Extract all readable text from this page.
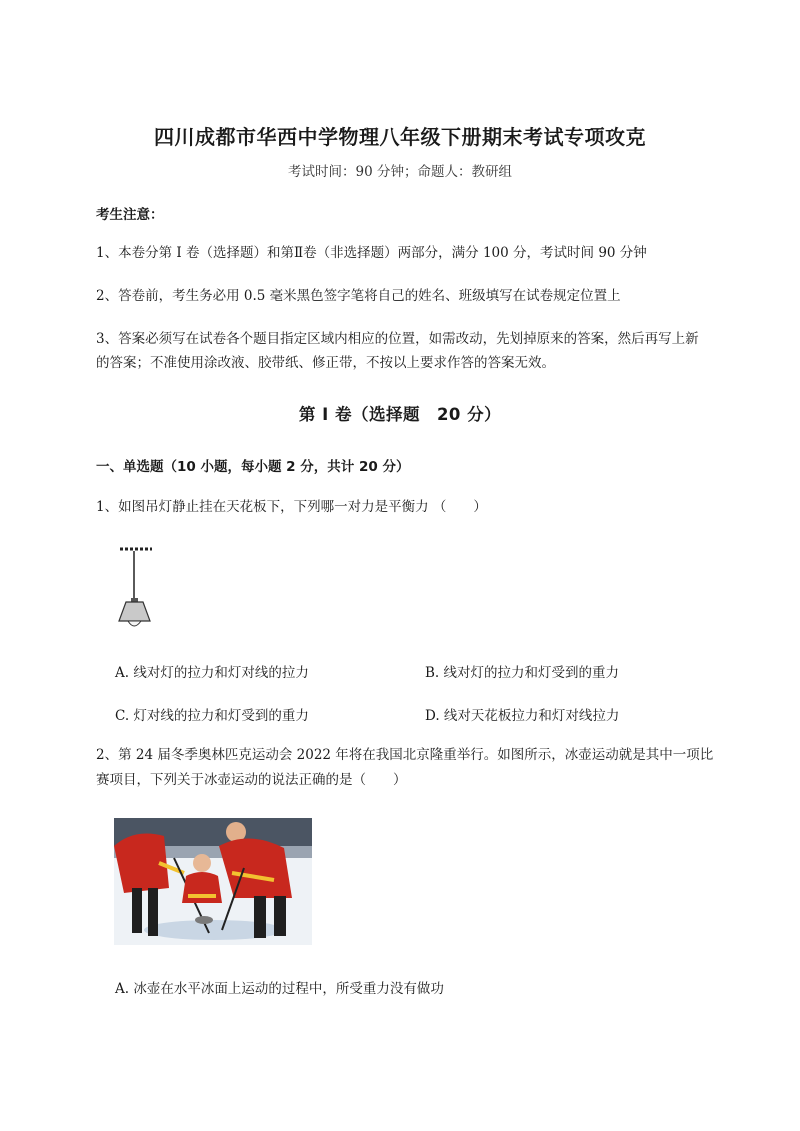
四川成都市华西中学物理八年级下册期末考试专项攻克
考试时间：90 分钟；命题人：教研组
考生注意：
1、本卷分第 I 卷（选择题）和第Ⅱ卷（非选择题）两部分，满分 100 分，考试时间 90 分钟
2、答卷前，考生务必用 0.5 毫米黑色签字笔将自己的姓名、班级填写在试卷规定位置上
3、答案必须写在试卷各个题目指定区域内相应的位置，如需改动，先划掉原来的答案，然后再写上新
的答案；不准使用涂改液、胶带纸、修正带，不按以上要求作答的答案无效。
第 I 卷（选择题　20 分）
一、单选题（10 小题，每小题 2 分，共计 20 分）
1、如图吊灯静止挂在天花板下，下列哪一对力是平衡力 （　　）
A. 线对灯的拉力和灯对线的拉力	B. 线对灯的拉力和灯受到的重力
C. 灯对线的拉力和灯受到的重力	D. 线对天花板拉力和灯对线拉力
2、第 24 届冬季奥林匹克运动会 2022 年将在我国北京隆重举行。如图所示，冰壶运动就是其中一项比
赛项目，下列关于冰壶运动的说法正确的是（　　）
A. 冰壶在水平冰面上运动的过程中，所受重力没有做功
